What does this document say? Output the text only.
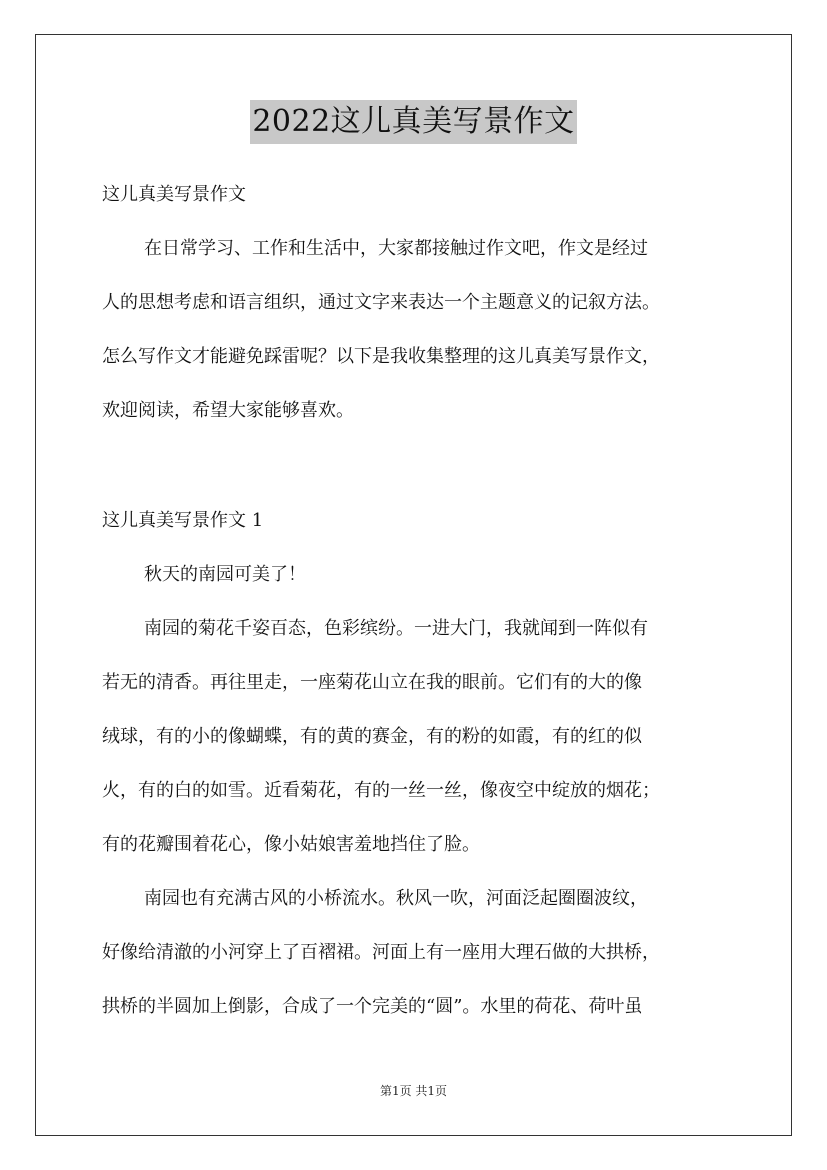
2022这儿真美写景作文
这儿真美写景作文
在日常学习、工作和生活中，大家都接触过作文吧，作文是经过
人的思想考虑和语言组织，通过文字来表达一个主题意义的记叙方法。
怎么写作文才能避免踩雷呢？以下是我收集整理的这儿真美写景作文，
欢迎阅读，希望大家能够喜欢。
这儿真美写景作文 1
秋天的南园可美了！
南园的菊花千姿百态，色彩缤纷。一进大门，我就闻到一阵似有
若无的清香。再往里走，一座菊花山立在我的眼前。它们有的大的像
绒球，有的小的像蝴蝶，有的黄的赛金，有的粉的如霞，有的红的似
火，有的白的如雪。近看菊花，有的一丝一丝，像夜空中绽放的烟花；
有的花瓣围着花心，像小姑娘害羞地挡住了脸。
南园也有充满古风的小桥流水。秋风一吹，河面泛起圈圈波纹，
好像给清澈的小河穿上了百褶裙。河面上有一座用大理石做的大拱桥，
拱桥的半圆加上倒影，合成了一个完美的“圆”。水里的荷花、荷叶虽
第1页 共1页
